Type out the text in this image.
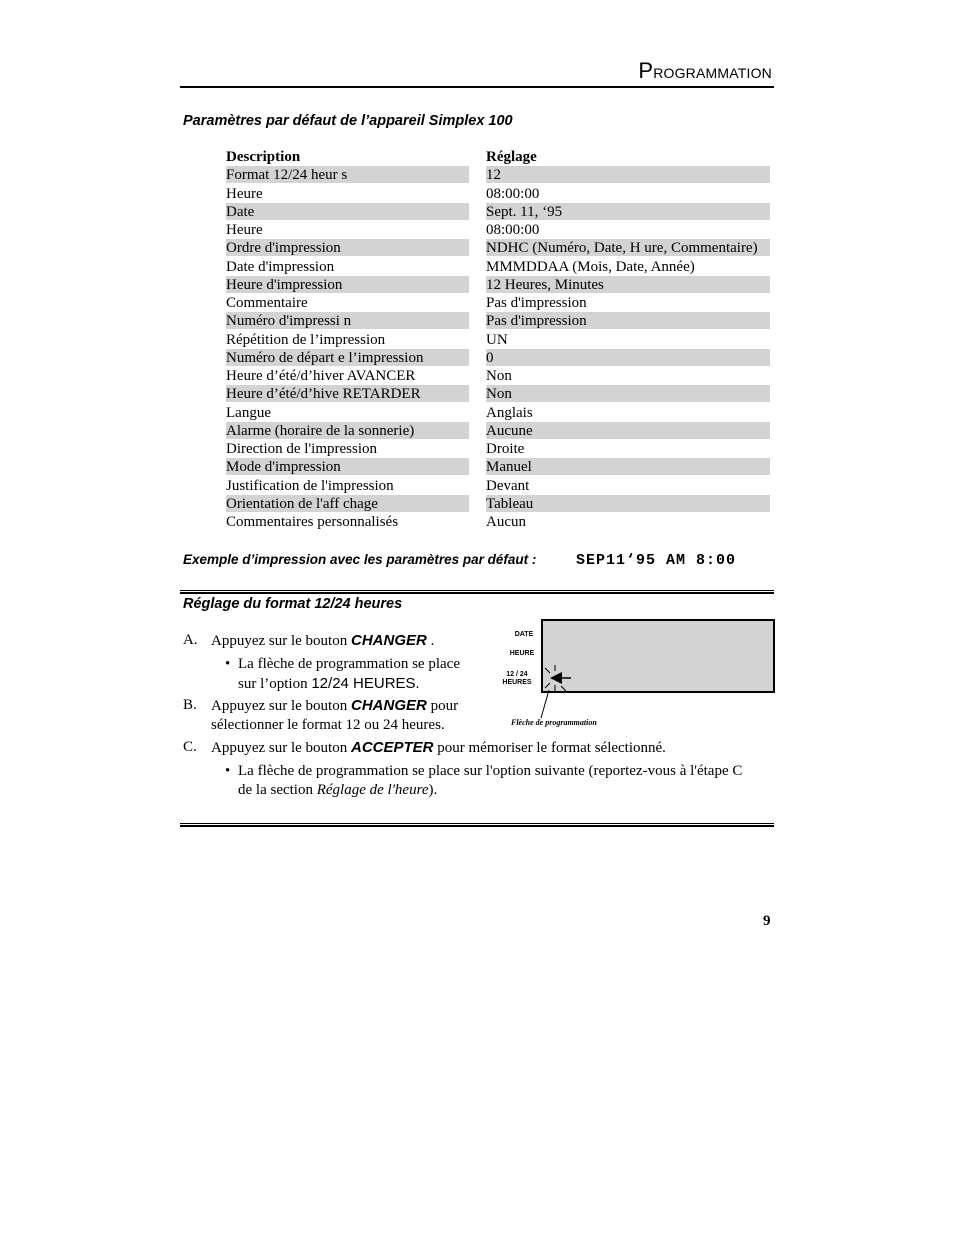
PROGRAMMATION
Paramètres par défaut de l’appareil Simplex 100
Description	Réglage
Format 12/24 heur s	12
Heure	08:00:00
Date	Sept. 11, ‘95
Heure	08:00:00
Ordre d'impression	NDHC (Numéro, Date, H ure, Commentaire)
Date d'impression	MMMDDAA (Mois, Date, Année)
Heure d'impression	12 Heures, Minutes
Commentaire	Pas d'impression
Numéro d'impressi n	Pas d'impression
Répétition de l’impression	UN
Numéro de départ e l’impression	0
Heure d’été/d’hiver AVANCER	Non
Heure d’été/d’hive RETARDER	Non
Langue	Anglais
Alarme (horaire de la sonnerie)	Aucune
Direction de l'impression	Droite
Mode d'impression	Manuel
Justification de l'impression	Devant
Orientation de l'aff chage	Tableau
Commentaires personnalisés	Aucun
Exemple d’impression avec les paramètres par défaut :	SEP11‘95 AM 8:00
Réglage du format 12/24 heures
A. Appuyez sur le bouton CHANGER .
• La flèche de programmation se place
sur l’option 12/24 HEURES.
B. Appuyez sur le bouton CHANGER pour
sélectionner le format 12 ou 24 heures.
C. Appuyez sur le bouton ACCEPTER pour mémoriser le format sélectionné.
• La flèche de programmation se place sur l'option suivante (reportez-vous à l'étape C
de la section Réglage de l'heure).
DATE
HEURE
12 / 24
HEURES
Flèche de programmation
9
